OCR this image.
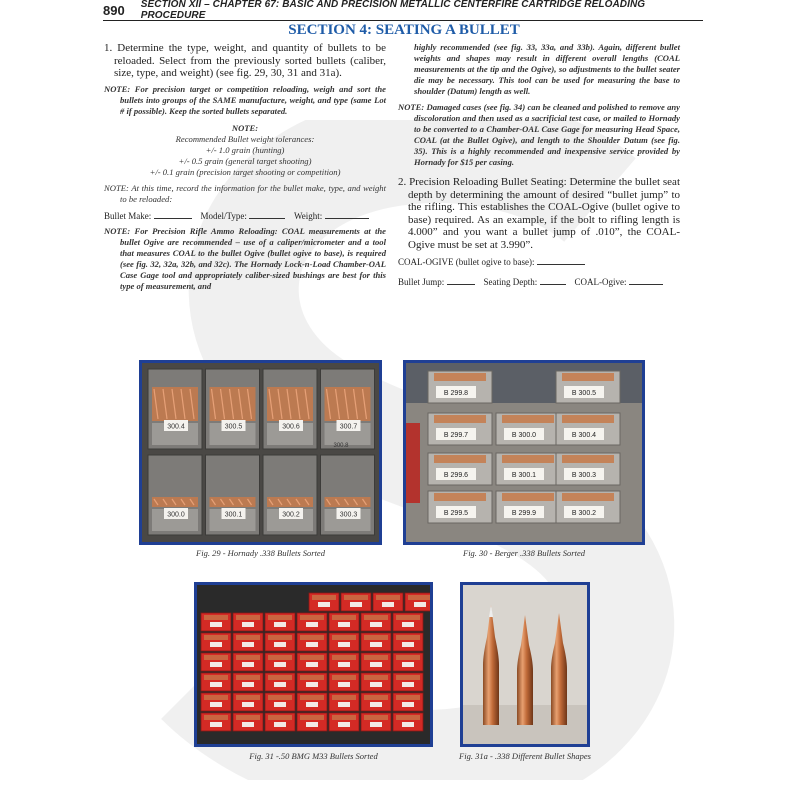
890 SECTION XII – CHAPTER 67: BASIC AND PRECISION METALLIC CENTERFIRE CARTRIDGE RELOADING PROCEDURE
SECTION 4: SEATING A BULLET

1. Determine the type, weight, and quantity of bullets to be reloaded. Select from the previously sorted bullets (caliber, size, type, and weight) (see fig. 29, 30, 31 and 31a).

NOTE: For precision target or competition reloading, weigh and sort the bullets into groups of the SAME manufacture, weight, and type (same Lot # if possible). Keep the sorted bullets separated.

NOTE:

Recommended Bullet weight tolerances:

+/- 1.0 grain (hunting)

+/- 0.5 grain (general target shooting)

+/- 0.1 grain (precision target shooting or competition)

NOTE: At this time, record the information for the bullet make, type, and weight to be reloaded:

Bullet Make:	Model/Type:	Weight:

NOTE: For Precision Rifle Ammo Reloading: COAL measurements at the bullet Ogive are recommended – use of a caliper/micrometer and a tool that measures COAL to the bullet Ogive (bullet ogive to base), is required (see fig. 32, 32a, 32b, and 32c). The Hornady Lock-n-Load Chamber-OAL Case Gage tool and appropriately caliber-sized bushings are best for this type of measurement, and

highly recommended (see fig. 33, 33a, and 33b). Again, different bullet weights and shapes may result in different overall lengths (COAL measurements at the tip and the Ogive), so adjustments to the bullet seater die may be necessary. This tool can be used for measuring the base to shoulder (Datum) length as well.

NOTE: Damaged cases (see fig. 34) can be cleaned and polished to remove any discoloration and then used as a sacrificial test case, or mailed to Hornady to be converted to a Chamber-OAL Case Gage for measuring Head Space, COAL (at the Bullet Ogive), and length to the Shoulder Datum (see fig. 35). This is a highly recommended and inexpensive service provided by Hornady for $15 per casing.

2. Precision Reloading Bullet Seating: Determine the bullet seat depth by determining the amount of desired “bullet jump” to the rifling. This establishes the COAL-Ogive (bullet ogive to base) required. As an example, if the bolt to rifling length is 4.000” and you want a bullet jump of .010”, the COAL-Ogive must be set at 3.990”.

COAL-OGIVE (bullet ogive to base):
Bullet Jump:	Seating Depth:	COAL-Ogive:
300.4	300.5	300.6	300.7
300.0	300.1	300.2	300.3
300.8
Fig. 29 - Hornady .338 Bullets Sorted
B 299.8	B 300.5
B 299.7	B 300.0	B 300.4
B 299.6	B 300.1	B 300.3
B 299.5	B 299.9	B 300.2
Fig. 30 - Berger .338 Bullets Sorted
Fig. 31 -.50 BMG M33 Bullets Sorted	Fig. 31a - .338 Different Bullet Shapes
